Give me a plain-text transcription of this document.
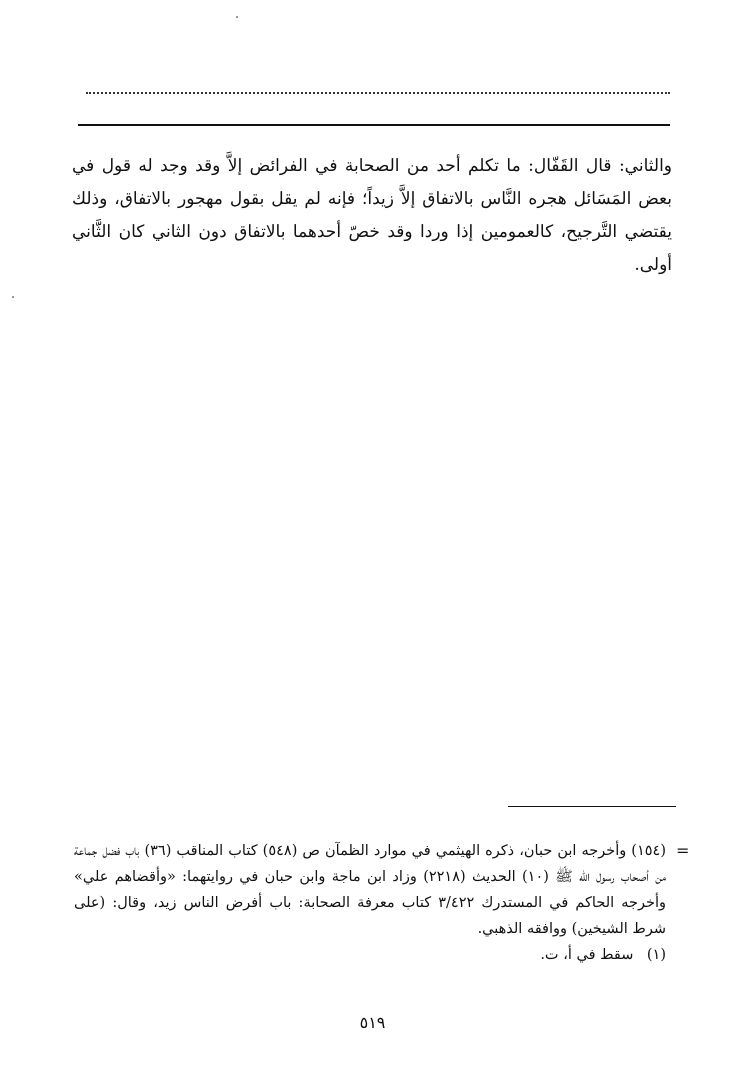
والثاني: قال القَفّال: ما تكلم أحد من الصحابة في الفرائض إلاَّ وقد وجد له قول في بعض المَسَائل هجره النَّاس بالاتفاق إلاَّ زيداً؛ فإنه لم يقل بقول مهجور بالاتفاق، وذلك يقتضي التَّرجيح، كالعمومين إذا وردا وقد خصّ أحدهما بالاتفاق دون الثاني كان الثَّاني أولى.

=

(١٥٤) وأخرجه ابن حبان، ذكره الهيثمي في موارد الظمآن ص (٥٤٨) كتاب المناقب (٣٦) باب فضل جماعة من أصحاب رسول الله ﷺ (١٠) الحديث (٢٢١٨) وزاد ابن ماجة وابن حبان في روايتهما: «وأقضاهم علي» وأخرجه الحاكم في المستدرك ٣/٤٢٢ كتاب معرفة الصحابة: باب أفرض الناس زيد، وقال: (على شرط الشيخين) ووافقه الذهبي.

(١)

سقط في أ، ت.
٥١٩
